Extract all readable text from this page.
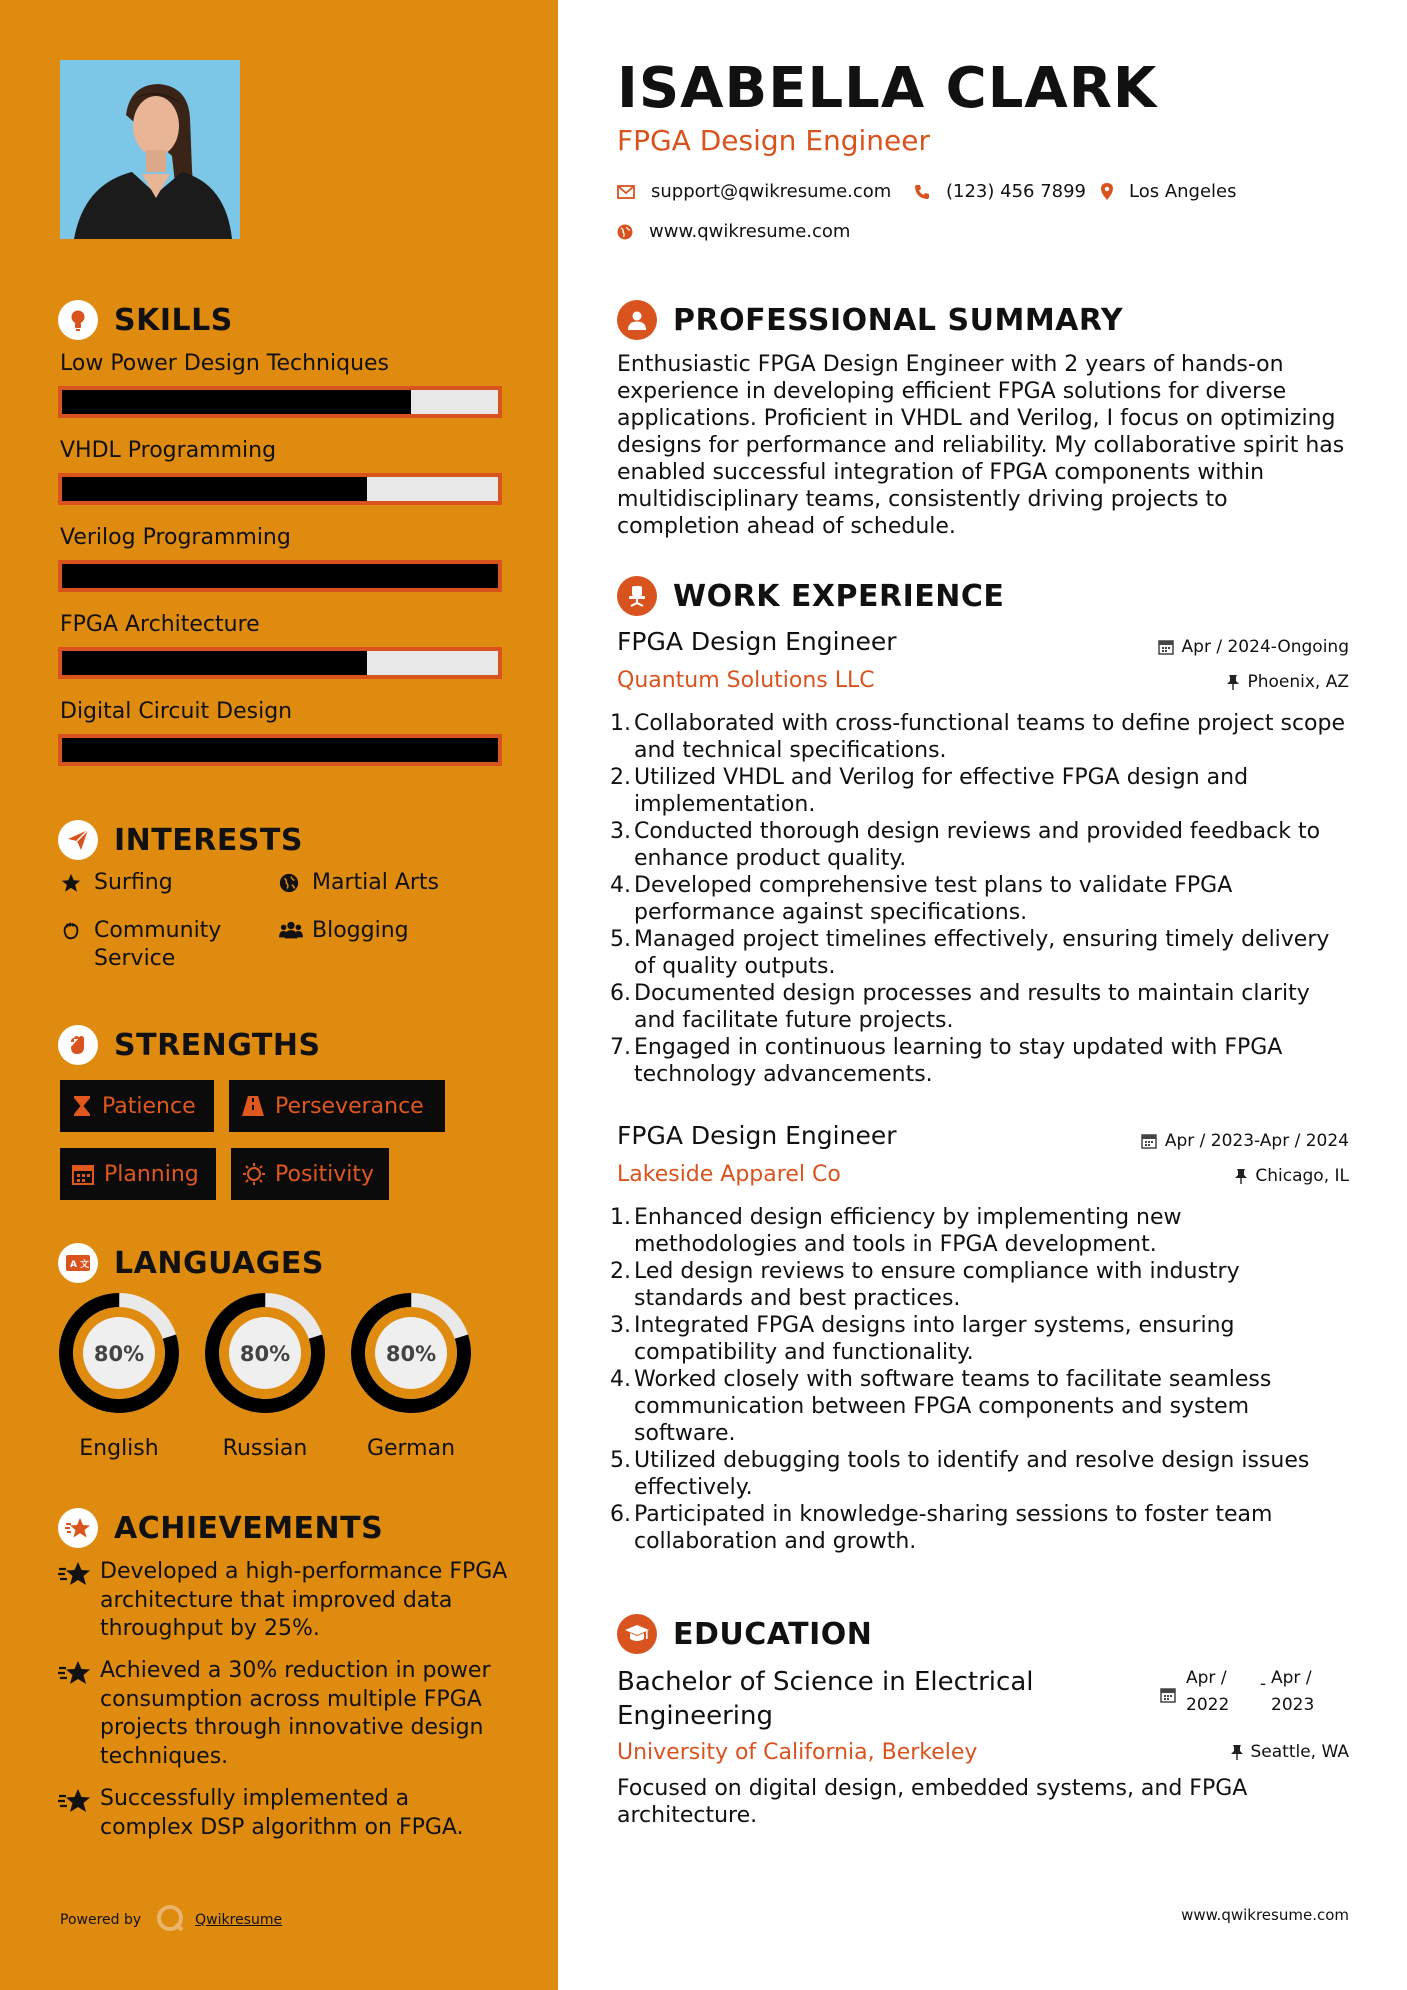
SKILLS
Low Power Design Techniques
VHDL Programming
Verilog Programming
FPGA Architecture
Digital Circuit Design
INTERESTS
Surfing	Martial Arts
Community Service
Blogging
STRENGTHS
Patience	Perseverance
Planning	Positivity
A 文 LANGUAGES
80%
English
80%
Russian
80%
German
ACHIEVEMENTS
Developed a high-performance FPGA architecture that improved data throughput by 25%.
Achieved a 30% reduction in power consumption across multiple FPGA projects through innovative design techniques.
Successfully implemented a complex DSP algorithm on FPGA.
Powered by	Qwikresume
ISABELLA CLARK
FPGA Design Engineer
support@qwikresume.com	(123) 456 7899 Los Angeles
www.qwikresume.com
PROFESSIONAL SUMMARY
Enthusiastic FPGA Design Engineer with 2 years of hands-on experience in developing efficient FPGA solutions for diverse applications. Proficient in VHDL and Verilog, I focus on optimizing designs for performance and reliability. My collaborative spirit has enabled successful integration of FPGA components within multidisciplinary teams, consistently driving projects to completion ahead of schedule.
WORK EXPERIENCE
FPGA Design Engineer	Apr / 2024-Ongoing
Quantum Solutions LLC	Phoenix, AZ
1. Collaborated with cross-functional teams to define project scope and technical specifications.
2. Utilized VHDL and Verilog for effective FPGA design and implementation.
3. Conducted thorough design reviews and provided feedback to enhance product quality.
4. Developed comprehensive test plans to validate FPGA performance against specifications.
5. Managed project timelines effectively, ensuring timely delivery of quality outputs.
6. Documented design processes and results to maintain clarity and facilitate future projects.
7. Engaged in continuous learning to stay updated with FPGA technology advancements.
FPGA Design Engineer	Apr / 2023-Apr / 2024
Lakeside Apparel Co	Chicago, IL
1. Enhanced design efficiency by implementing new methodologies and tools in FPGA development.
2. Led design reviews to ensure compliance with industry standards and best practices.
3. Integrated FPGA designs into larger systems, ensuring compatibility and functionality.
4. Worked closely with software teams to facilitate seamless communication between FPGA components and system software.
5. Utilized debugging tools to identify and resolve design issues effectively.
6. Participated in knowledge-sharing sessions to foster team collaboration and growth.
EDUCATION
Bachelor of Science in Electrical Engineering
Apr / 2022
- Apr / 2023
University of California, Berkeley	Seattle, WA
Focused on digital design, embedded systems, and FPGA architecture.
www.qwikresume.com
